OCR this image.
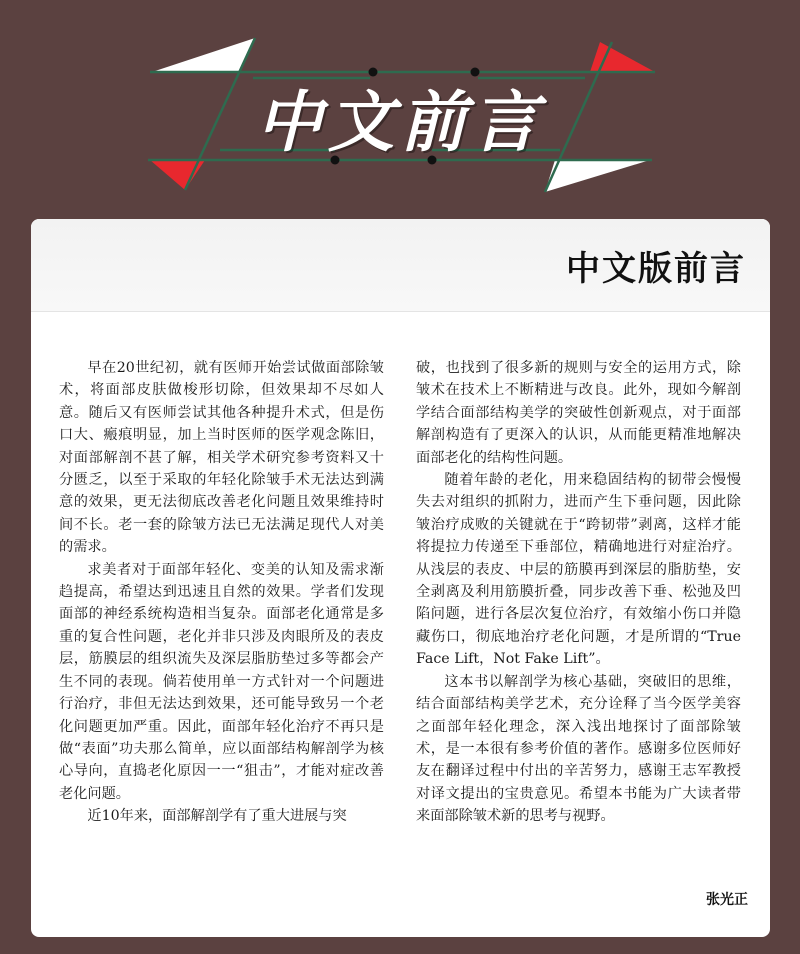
中文前言
中文版前言

早在20世纪初，就有医师开始尝试做面部除皱术，将面部皮肤做梭形切除，但效果却不尽如人意。随后又有医师尝试其他各种提升术式，但是伤口大、瘢痕明显，加上当时医师的医学观念陈旧，对面部解剖不甚了解，相关学术研究参考资料又十分匮乏，以至于采取的年轻化除皱手术无法达到满意的效果，更无法彻底改善老化问题且效果维持时间不长。老一套的除皱方法已无法满足现代人对美的需求。

求美者对于面部年轻化、变美的认知及需求渐趋提高，希望达到迅速且自然的效果。学者们发现面部的神经系统构造相当复杂。面部老化通常是多重的复合性问题，老化并非只涉及肉眼所及的表皮层，筋膜层的组织流失及深层脂肪垫过多等都会产生不同的表现。倘若使用单一方式针对一个问题进行治疗，非但无法达到效果，还可能导致另一个老化问题更加严重。因此，面部年轻化治疗不再只是做“表面”功夫那么简单，应以面部结构解剖学为核心导向，直捣老化原因一一“狙击”，才能对症改善老化问题。

近10年来，面部解剖学有了重大进展与突

破，也找到了很多新的规则与安全的运用方式，除皱术在技术上不断精进与改良。此外，现如今解剖学结合面部结构美学的突破性创新观点，对于面部解剖构造有了更深入的认识，从而能更精准地解决面部老化的结构性问题。

随着年龄的老化，用来稳固结构的韧带会慢慢失去对组织的抓附力，进而产生下垂问题，因此除皱治疗成败的关键就在于“跨韧带”剥离，这样才能将提拉力传递至下垂部位，精确地进行对症治疗。从浅层的表皮、中层的筋膜再到深层的脂肪垫，安全剥离及利用筋膜折叠，同步改善下垂、松弛及凹陷问题，进行各层次复位治疗，有效缩小伤口并隐藏伤口，彻底地治疗老化问题，才是所谓的“True Face Lift，Not Fake Lift”。

这本书以解剖学为核心基础，突破旧的思维，结合面部结构美学艺术，充分诠释了当今医学美容之面部年轻化理念，深入浅出地探讨了面部除皱术，是一本很有参考价值的著作。感谢多位医师好友在翻译过程中付出的辛苦努力，感谢王志军教授对译文提出的宝贵意见。希望本书能为广大读者带来面部除皱术新的思考与视野。

张光正
